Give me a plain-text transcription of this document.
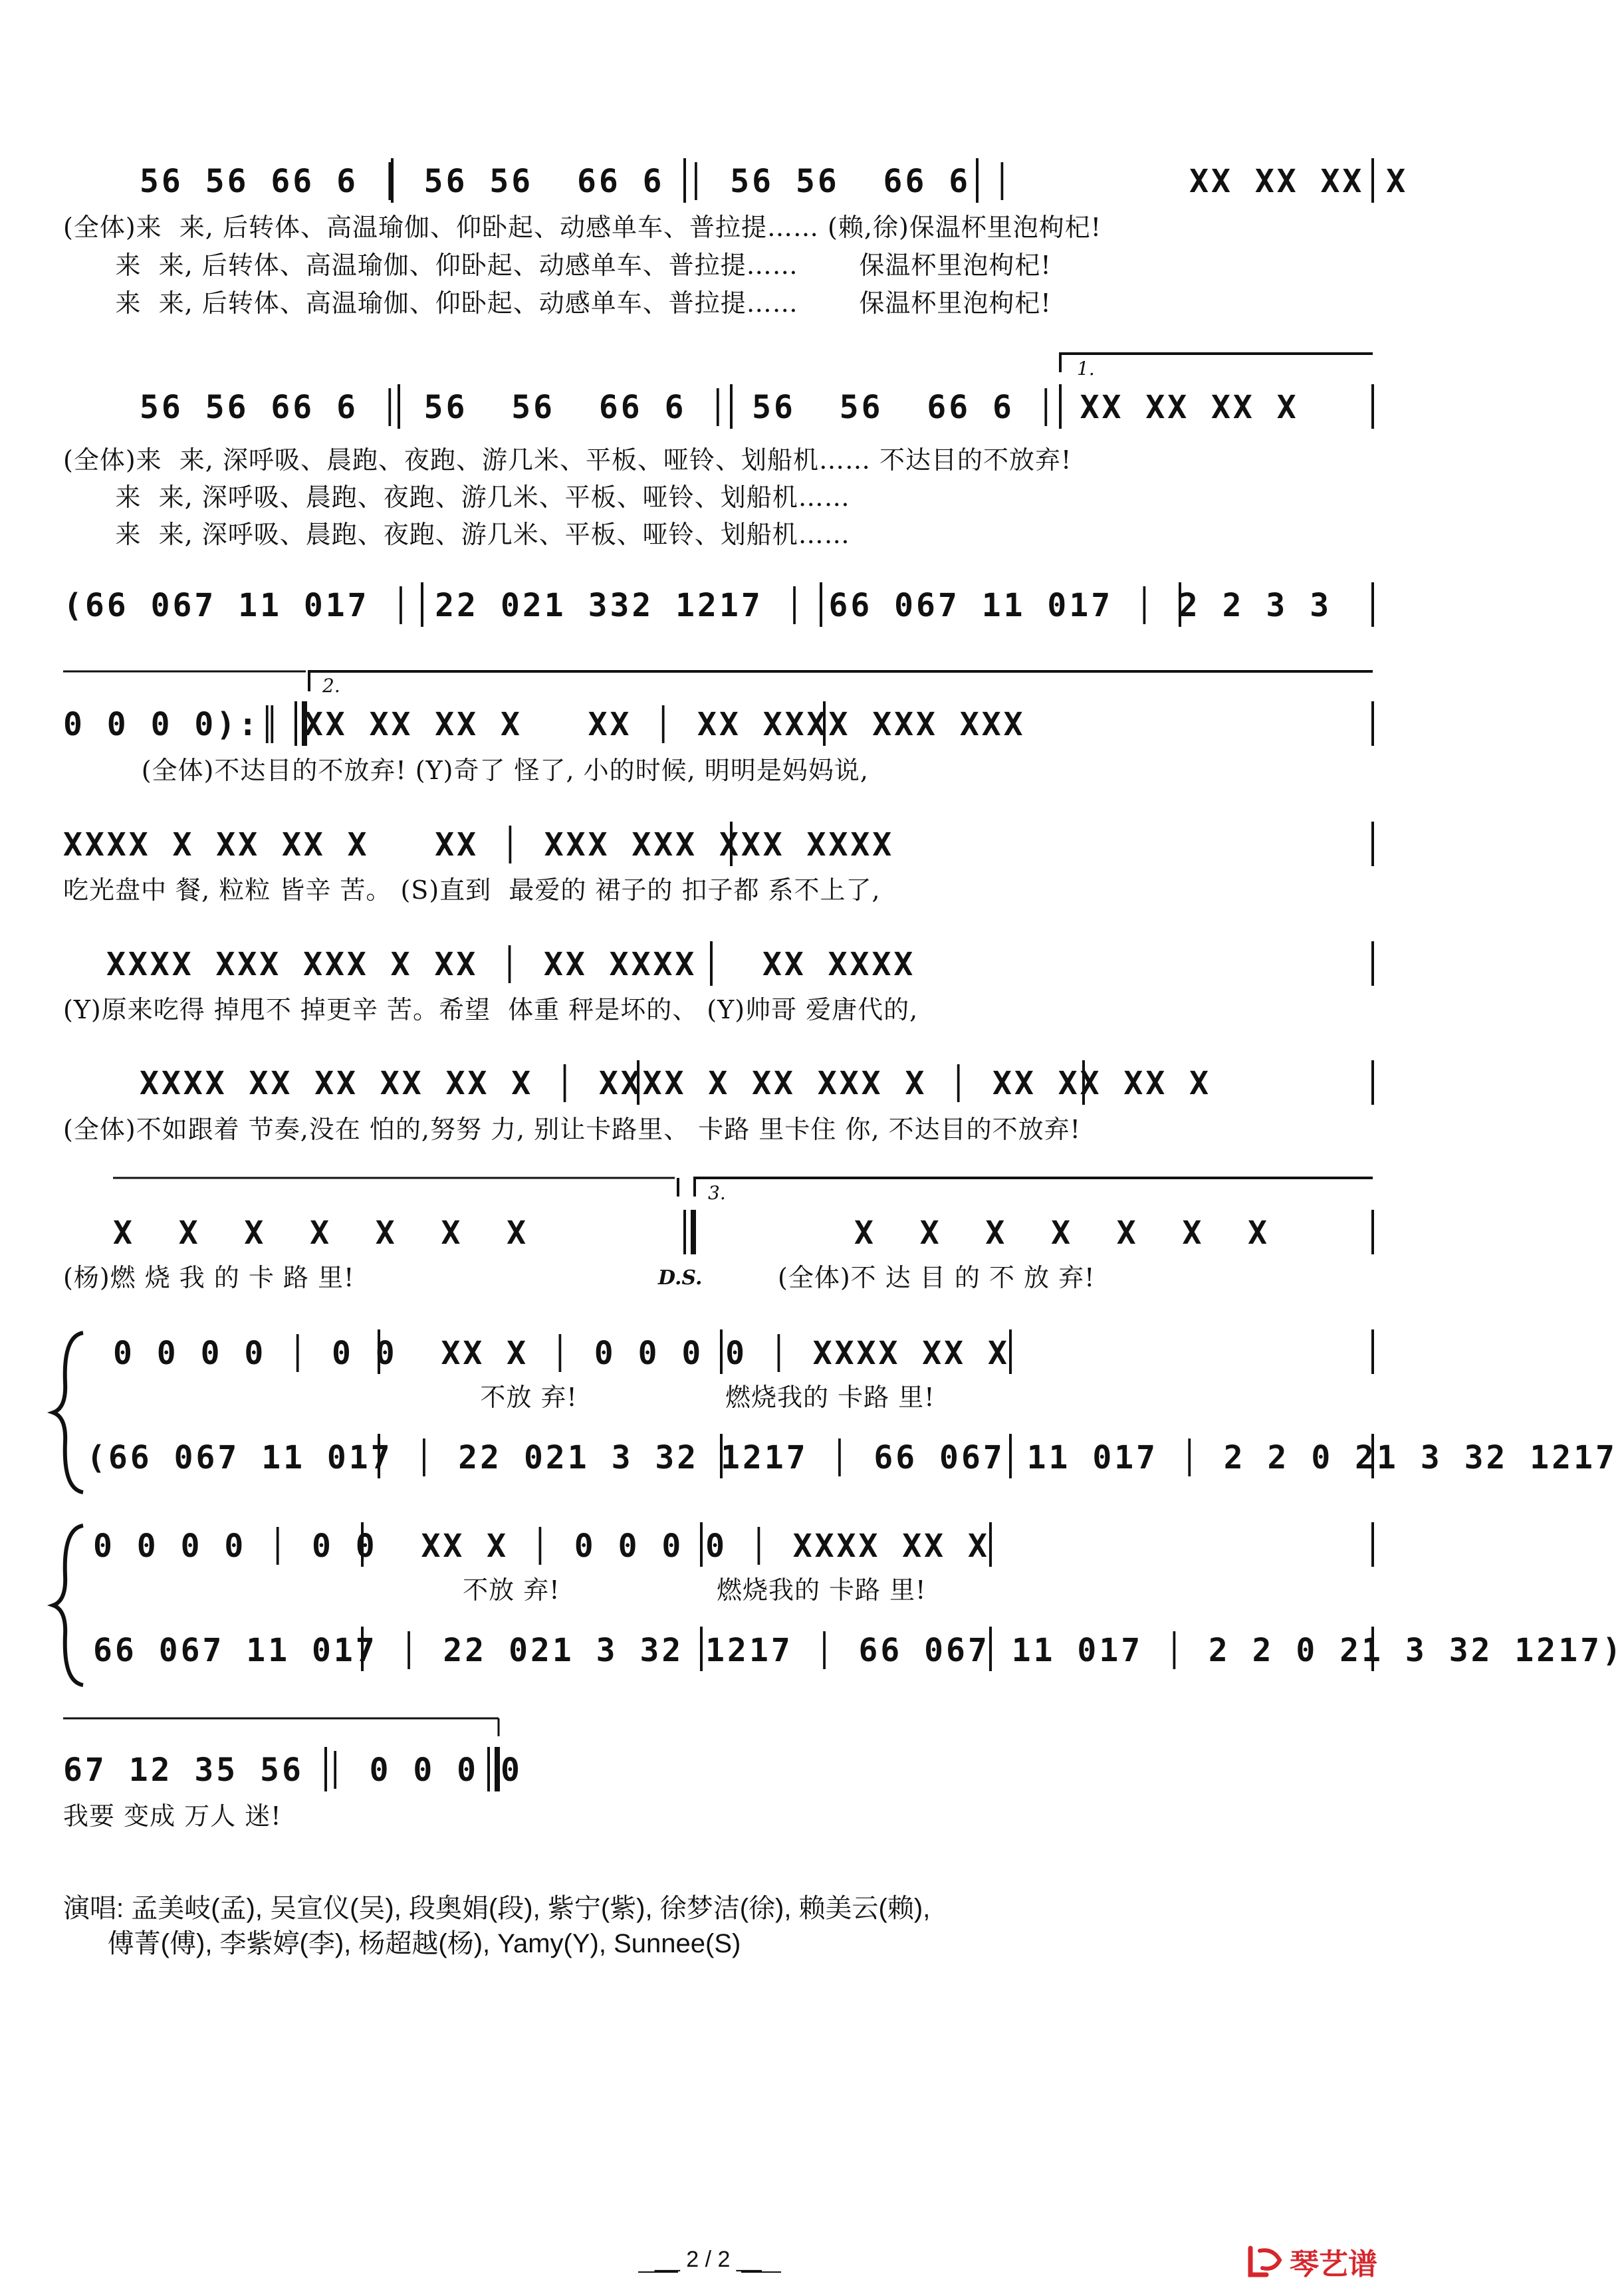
56 56 66 6 │ 56 56  66 6 │ 56 56  66 6 │        XX XX XX X
(全体)来  来, 后转体、高温瑜伽、仰卧起、动感单车、普拉提…… (赖,徐)保温杯里泡枸杞!
来  来, 后转体、高温瑜伽、仰卧起、动感单车、普拉提……       保温杯里泡枸杞!
来  来, 后转体、高温瑜伽、仰卧起、动感单车、普拉提……       保温杯里泡枸杞!
1.
56 56 66 6 │ 56  56  66 6 │ 56  56  66 6 │ XX XX XX X
(全体)来  来, 深呼吸、晨跑、夜跑、游几米、平板、哑铃、划船机…… 不达目的不放弃!
来  来, 深呼吸、晨跑、夜跑、游几米、平板、哑铃、划船机……
来  来, 深呼吸、晨跑、夜跑、游几米、平板、哑铃、划船机……
(66 067 11 017 │ 22 021 332 1217 │ 66 067 11 017 │ 2 2 3 3
2.
0 0 0 0):║ XX XX XX X   XX │ XX XXXX XXX XXX
(全体)不达目的不放弃! (Y)奇了 怪了, 小的时候, 明明是妈妈说,
XXXX X XX XX X   XX │ XXX XXX XXX XXXX
吃光盘中 餐, 粒粒 皆辛 苦。 (S)直到  最爱的 裙子的 扣子都 系不上了,
XXXX XXX XXX X XX │ XX XXXX   XX XXXX
(Y)原来吃得 掉甩不 掉更辛 苦。希望  体重 秤是坏的、 (Y)帅哥 爱唐代的,
XXXX XX XX XX XX X │ XXXX X XX XXX X │ XX XX XX X
(全体)不如跟着 节奏,没在 怕的,努努 力, 别让卡路里、 卡路 里卡住 你, 不达目的不放弃!
3.
X  X  X  X  X  X  X	X  X  X  X  X  X  X
(杨)燃 烧 我 的 卡 路 里!	D.S.	(全体)不 达 目 的 不 放 弃!
0 0 0 0 │ 0 0  XX X │ 0 0 0 0 │ XXXX XX X
不放 弃!                 燃烧我的 卡路 里!
(66 067 11 017 │ 22 021 3 32 1217 │ 66 067 11 017 │ 2 2 0 21 3 32 1217
0 0 0 0 │ 0 0  XX X │ 0 0 0 0 │ XXXX XX X
不放 弃!                  燃烧我的 卡路 里!
66 067 11 017 │ 22 021 3 32 1217 │ 66 067 11 017 │ 2 2 0 21 3 32 1217)
67 12 35 56 │ 0 0 0 0
我要 变成 万人 迷!
演唱: 孟美岐(孟), 吴宣仪(吴), 段奥娟(段), 紫宁(紫), 徐梦洁(徐), 赖美云(赖),
傅菁(傅), 李紫婷(李), 杨超越(杨), Yamy(Y), Sunnee(S)
__ 2 / 2 __	琴艺谱
